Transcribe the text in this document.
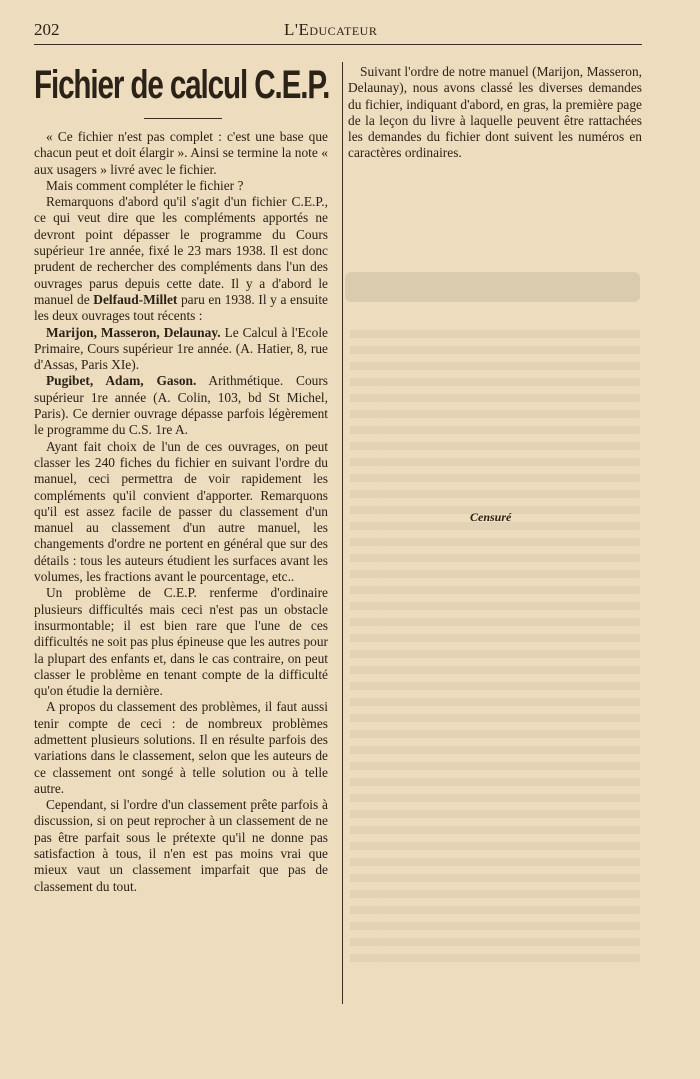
202	L'Educateur
Fichier de calcul C.E.P.

« Ce fichier n'est pas complet : c'est une base que chacun peut et doit élargir ». Ainsi se termine la note « aux usagers » livré avec le fichier.

Mais comment compléter le fichier ?

Remarquons d'abord qu'il s'agit d'un fichier C.E.P., ce qui veut dire que les compléments apportés ne devront point dépasser le programme du Cours supérieur 1re année, fixé le 23 mars 1938. Il est donc prudent de rechercher des compléments dans l'un des ouvrages parus depuis cette date. Il y a d'abord le manuel de Delfaud-Millet paru en 1938. Il y a ensuite les deux ouvrages tout récents :

Marijon, Masseron, Delaunay. Le Calcul à l'Ecole Primaire, Cours supérieur 1re année. (A. Hatier, 8, rue d'Assas, Paris XIe).

Pugibet, Adam, Gason. Arithmétique. Cours supérieur 1re année (A. Colin, 103, bd St Michel, Paris). Ce dernier ouvrage dépasse parfois légèrement le programme du C.S. 1re A.

Ayant fait choix de l'un de ces ouvrages, on peut classer les 240 fiches du fichier en suivant l'ordre du manuel, ceci permettra de voir rapidement les compléments qu'il convient d'apporter. Remarquons qu'il est assez facile de passer du classement d'un manuel au classement d'un autre manuel, les changements d'ordre ne portent en général que sur des détails : tous les auteurs étudient les surfaces avant les volumes, les fractions avant le pourcentage, etc..

Un problème de C.E.P. renferme d'ordinaire plusieurs difficultés mais ceci n'est pas un obstacle insurmontable; il est bien rare que l'une de ces difficultés ne soit pas plus épineuse que les autres pour la plupart des enfants et, dans le cas contraire, on peut classer le problème en tenant compte de la difficulté qu'on étudie la dernière.

A propos du classement des problèmes, il faut aussi tenir compte de ceci : de nombreux problèmes admettent plusieurs solutions. Il en résulte parfois des variations dans le classement, selon que les auteurs de ce classement ont songé à telle solution ou à telle autre.

Cependant, si l'ordre d'un classement prête parfois à discussion, si on peut reprocher à un classement de ne pas être parfait sous le prétexte qu'il ne donne pas satisfaction à tous, il n'en est pas moins vrai que mieux vaut un classement imparfait que pas de classement du tout.

Suivant l'ordre de notre manuel (Marijon, Masseron, Delaunay), nous avons classé les diverses demandes du fichier, indiquant d'abord, en gras, la première page de la leçon du livre à laquelle peuvent être rattachées les demandes du fichier dont suivent les numéros en caractères ordinaires.

Censuré
